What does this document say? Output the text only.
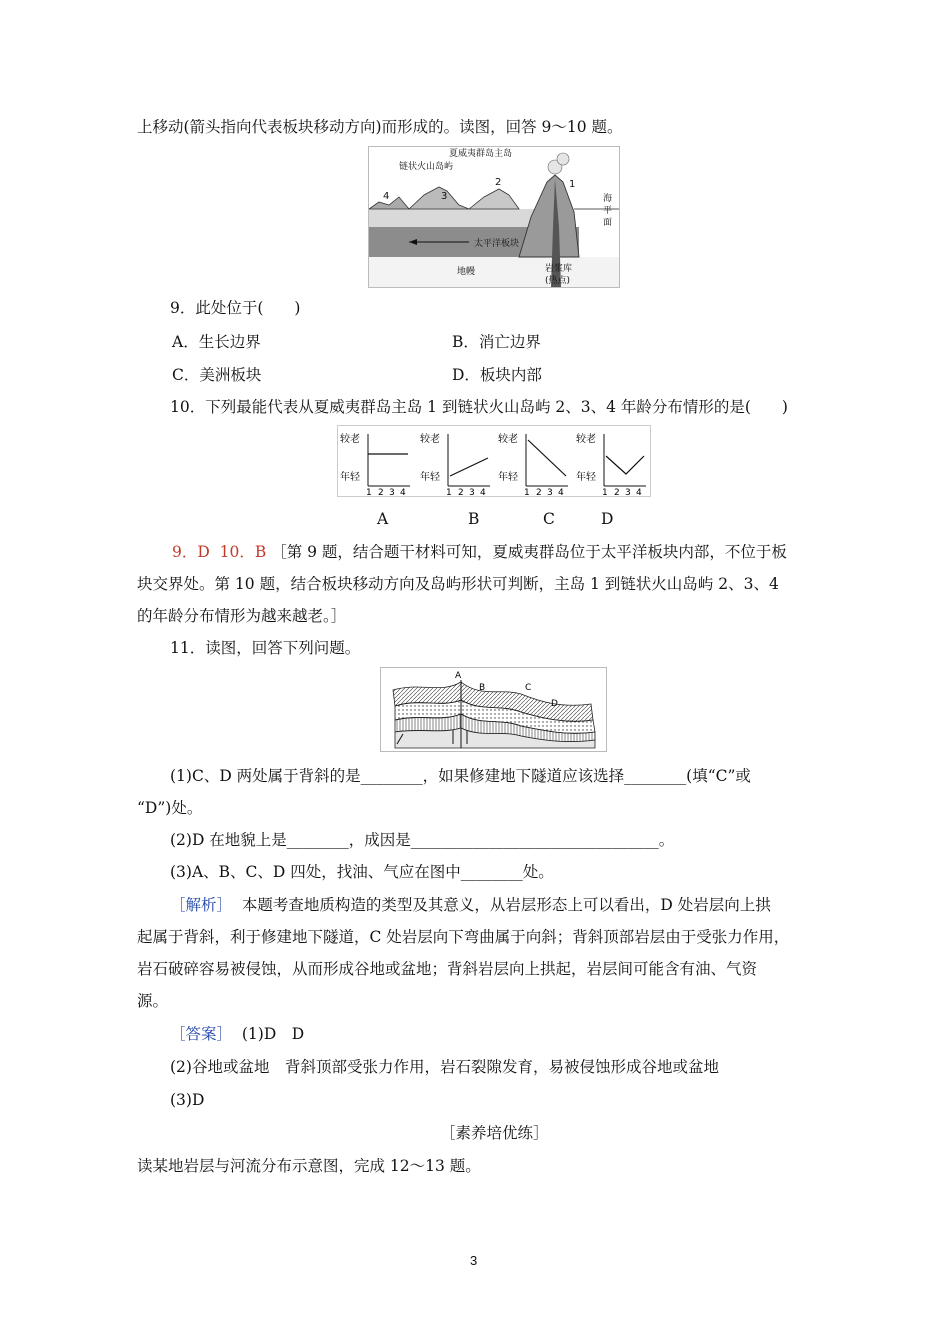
上移动(箭头指向代表板块移动方向)而形成的。读图，回答 9～10 题。
太平洋板块
夏威夷群岛主岛
链状火山岛屿
4	3
2	1
海
平
面
地幔	岩浆库
(热点)
9．此处位于(　　)
A．生长边界	B．消亡边界
C．美洲板块	D．板块内部
10．下列最能代表从夏威夷群岛主岛 1 到链状火山岛屿 2、3、4 年龄分布情形的是(　　)
较老
年轻
1 2 3 4
较老
年轻
1 2 3 4
较老
年轻
1 2 3 4
较老
年轻
1 2 3 4
A	B	C	D
9．D 10．B ［第 9 题，结合题干材料可知，夏威夷群岛位于太平洋板块内部，不位于板
块交界处。第 10 题，结合板块移动方向及岛屿形状可判断，主岛 1 到链状火山岛屿 2、3、4
的年龄分布情形为越来越老。］
11．读图，回答下列问题。
A
B	C
D
(1)C、D 两处属于背斜的是________，如果修建地下隧道应该选择________(填“C”或
“D”)处。
(2)D 在地貌上是________，成因是________________________________。
(3)A、B、C、D 四处，找油、气应在图中________处。
［解析］ 本题考查地质构造的类型及其意义，从岩层形态上可以看出，D 处岩层向上拱
起属于背斜，利于修建地下隧道，C 处岩层向下弯曲属于向斜；背斜顶部岩层由于受张力作用，
岩石破碎容易被侵蚀，从而形成谷地或盆地；背斜岩层向上拱起，岩层间可能含有油、气资
源。
［答案］ (1)D　D
(2)谷地或盆地　背斜顶部受张力作用，岩石裂隙发育，易被侵蚀形成谷地或盆地
(3)D
［素养培优练］
读某地岩层与河流分布示意图，完成 12～13 题。
3
